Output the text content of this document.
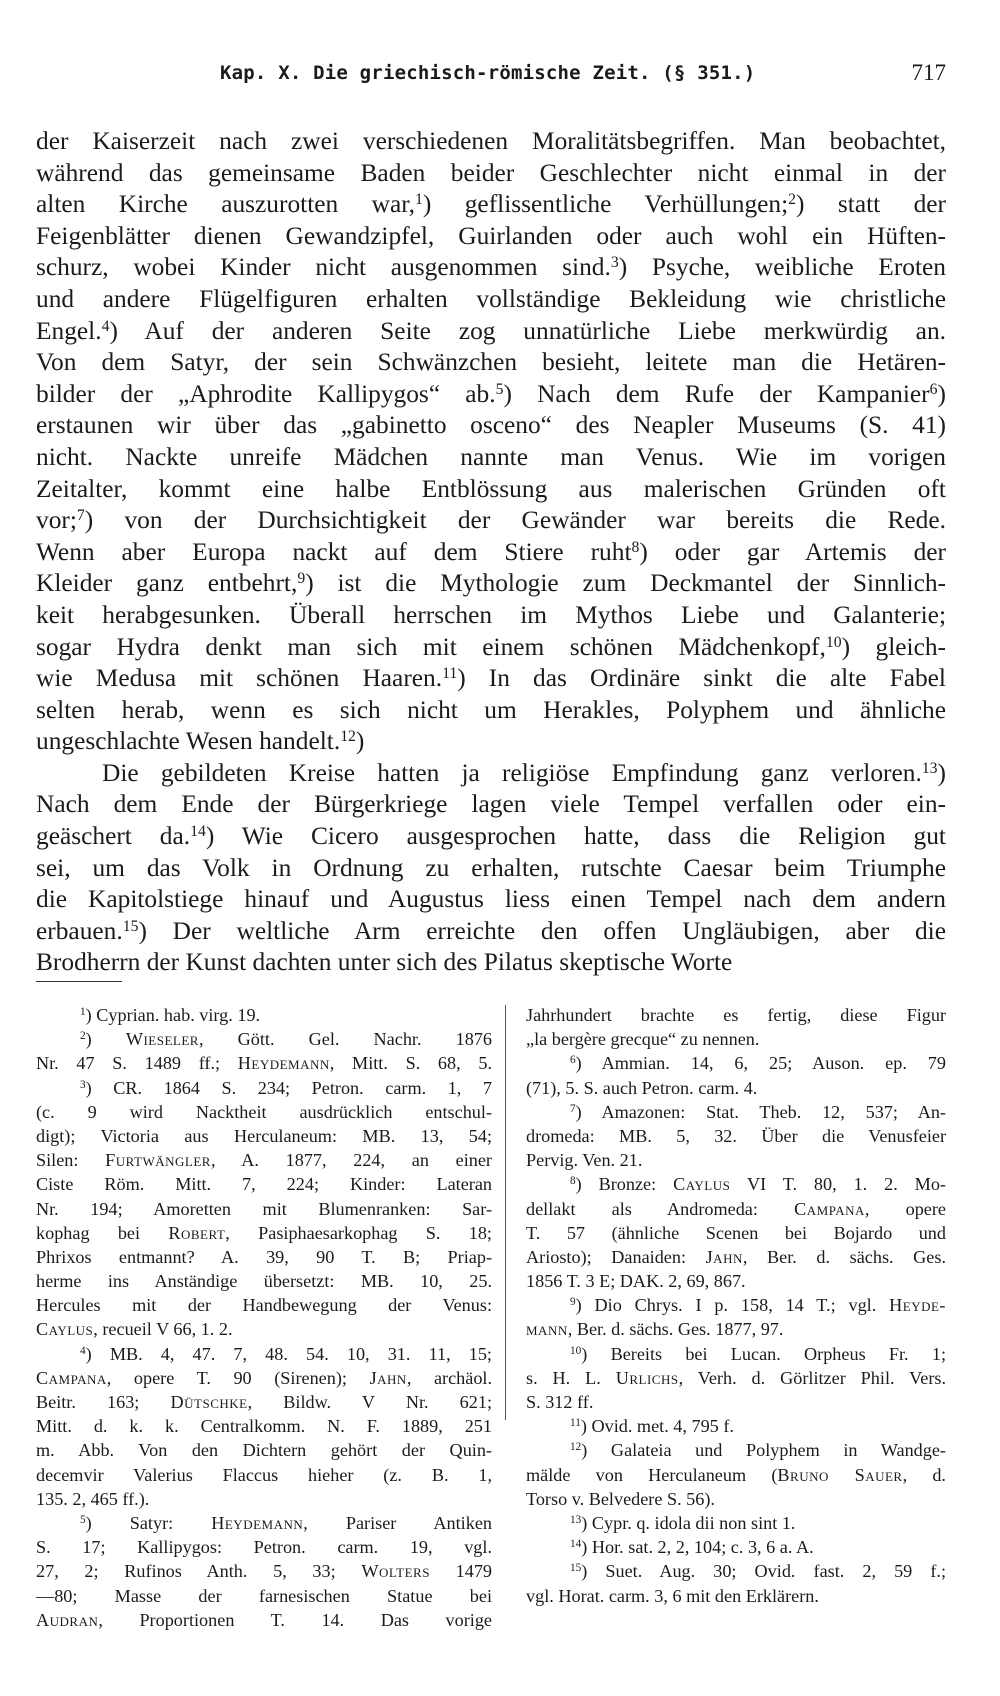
Kap. X. Die griechisch-römische Zeit. (§ 351.)	717
der Kaiserzeit nach zwei verschiedenen Moralitätsbegriffen. Man beobachtet,
während das gemeinsame Baden beider Geschlechter nicht einmal in der
alten Kirche auszurotten war,$^1$) geflissentliche Verhüllungen;$^2$) statt der
Feigenblätter dienen Gewandzipfel, Guirlanden oder auch wohl ein Hüften-
schurz, wobei Kinder nicht ausgenommen sind.$^3$) Psyche, weibliche Eroten
und andere Flügelfiguren erhalten vollständige Bekleidung wie christliche
Engel.$^4$) Auf der anderen Seite zog unnatürliche Liebe merkwürdig an.
Von dem Satyr, der sein Schwänzchen besieht, leitete man die Hetären-
bilder der „Aphrodite Kallipygos“ ab.$^5$) Nach dem Rufe der Kampanier$^6$)
erstaunen wir über das „gabinetto osceno“ des Neapler Museums (S. 41)
nicht. Nackte unreife Mädchen nannte man Venus. Wie im vorigen
Zeitalter, kommt eine halbe Entblössung aus malerischen Gründen oft
vor;$^7$) von der Durchsichtigkeit der Gewänder war bereits die Rede.
Wenn aber Europa nackt auf dem Stiere ruht$^8$) oder gar Artemis der
Kleider ganz entbehrt,$^9$) ist die Mythologie zum Deckmantel der Sinnlich-
keit herabgesunken. Überall herrschen im Mythos Liebe und Galanterie;
sogar Hydra denkt man sich mit einem schönen Mädchenkopf,$^{10}$) gleich-
wie Medusa mit schönen Haaren.$^{11}$) In das Ordinäre sinkt die alte Fabel
selten herab, wenn es sich nicht um Herakles, Polyphem und ähnliche
ungeschlachte Wesen handelt.$^{12}$)
Die gebildeten Kreise hatten ja religiöse Empfindung ganz verloren.$^{13}$)
Nach dem Ende der Bürgerkriege lagen viele Tempel verfallen oder ein-
geäschert da.$^{14}$) Wie Cicero ausgesprochen hatte, dass die Religion gut
sei, um das Volk in Ordnung zu erhalten, rutschte Caesar beim Triumphe
die Kapitolstiege hinauf und Augustus liess einen Tempel nach dem andern
erbauen.$^{15}$) Der weltliche Arm erreichte den offen Ungläubigen, aber die
Brodherrn der Kunst dachten unter sich des Pilatus skeptische Worte
$^1$) Cyprian. hab. virg. 19.
$^2$) Wieseler, Gött. Gel. Nachr. 1876
Nr. 47 S. 1489 ff.; Heydemann, Mitt. S. 68, 5.
$^3$) CR. 1864 S. 234; Petron. carm. 1, 7
(c. 9 wird Nacktheit ausdrücklich entschul-
digt); Victoria aus Herculaneum: MB. 13, 54;
Silen: Furtwängler, A. 1877, 224, an einer
Ciste Röm. Mitt. 7, 224; Kinder: Lateran
Nr. 194; Amoretten mit Blumenranken: Sar-
kophag bei Robert, Pasiphaesarkophag S. 18;
Phrixos entmannt? A. 39, 90 T. B; Priap-
herme ins Anständige übersetzt: MB. 10, 25.
Hercules mit der Handbewegung der Venus:
Caylus, recueil V 66, 1. 2.
$^4$) MB. 4, 47. 7, 48. 54. 10, 31. 11, 15;
Campana, opere T. 90 (Sirenen); Jahn, archäol.
Beitr. 163; Dütschke, Bildw. V Nr. 621;
Mitt. d. k. k. Centralkomm. N. F. 1889, 251
m. Abb. Von den Dichtern gehört der Quin-
decemvir Valerius Flaccus hieher (z. B. 1,
135. 2, 465 ff.).
$^5$) Satyr: Heydemann, Pariser Antiken
S. 17; Kallipygos: Petron. carm. 19, vgl.
27, 2; Rufinos Anth. 5, 33; Wolters 1479
—80; Masse der farnesischen Statue bei
Audran, Proportionen T. 14. Das vorige
Jahrhundert brachte es fertig, diese Figur
„la bergère grecque“ zu nennen.
$^6$) Ammian. 14, 6, 25; Auson. ep. 79
(71), 5. S. auch Petron. carm. 4.
$^7$) Amazonen: Stat. Theb. 12, 537; An-
dromeda: MB. 5, 32. Über die Venusfeier
Pervig. Ven. 21.
$^8$) Bronze: Caylus VI T. 80, 1. 2. Mo-
dellakt als Andromeda: Campana, opere
T. 57 (ähnliche Scenen bei Bojardo und
Ariosto); Danaiden: Jahn, Ber. d. sächs. Ges.
1856 T. 3 E; DAK. 2, 69, 867.
$^9$) Dio Chrys. I p. 158, 14 T.; vgl. Heyde-
mann, Ber. d. sächs. Ges. 1877, 97.
$^{10}$) Bereits bei Lucan. Orpheus Fr. 1;
s. H. L. Urlichs, Verh. d. Görlitzer Phil. Vers.
S. 312 ff.
$^{11}$) Ovid. met. 4, 795 f.
$^{12}$) Galateia und Polyphem in Wandge-
mälde von Herculaneum (Bruno Sauer, d.
Torso v. Belvedere S. 56).
$^{13}$) Cypr. q. idola dii non sint 1.
$^{14}$) Hor. sat. 2, 2, 104; c. 3, 6 a. A.
$^{15}$) Suet. Aug. 30; Ovid. fast. 2, 59 f.;
vgl. Horat. carm. 3, 6 mit den Erklärern.
